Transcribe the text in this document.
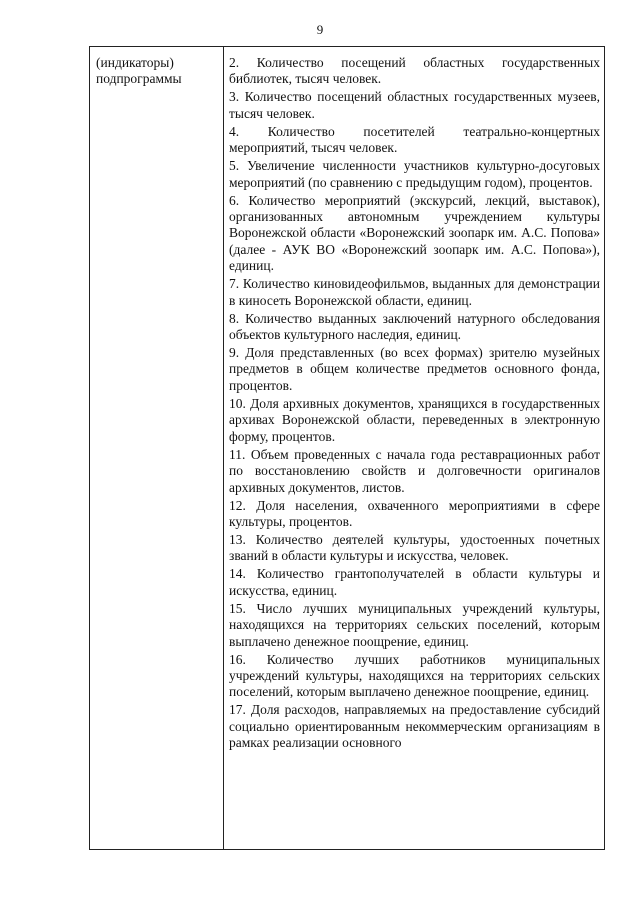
9
(индикаторы)
подпрограммы

2. Количество посещений областных государственных библиотек, тысяч человек.

3. Количество посещений областных государственных музеев, тысяч человек.

4. Количество посетителей театрально-концертных мероприятий, тысяч человек.

5. Увеличение численности участников культурно-досуговых мероприятий (по сравнению с предыдущим годом), процентов.

6. Количество мероприятий (экскурсий, лекций, выставок), организованных автономным учреждением культуры Воронежской области «Воронежский зоопарк им. А.С. Попова» (далее - АУК ВО «Воронежский зоопарк им. А.С. Попова»), единиц.

7. Количество киновидеофильмов, выданных для демонстрации в киносеть Воронежской области, единиц.

8. Количество выданных заключений натурного обследования объектов культурного наследия, единиц.

9. Доля представленных (во всех формах) зрителю музейных предметов в общем количестве предметов основного фонда, процентов.

10. Доля архивных документов, хранящихся в государственных архивах Воронежской области, переведенных в электронную форму, процентов.

11. Объем проведенных с начала года реставрационных работ по восстановлению свойств и долговечности оригиналов архивных документов, листов.

12. Доля населения, охваченного мероприятиями в сфере культуры, процентов.

13. Количество деятелей культуры, удостоенных почетных званий в области культуры и искусства, человек.

14. Количество грантополучателей в области культуры и искусства, единиц.

15. Число лучших муниципальных учреждений культуры, находящихся на территориях сельских поселений, которым выплачено денежное поощрение, единиц.

16. Количество лучших работников муниципальных учреждений культуры, находящихся на территориях сельских поселений, которым выплачено денежное поощрение, единиц.

17. Доля расходов, направляемых на предоставление субсидий социально ориентированным некоммерческим организациям в рамках реализации основного
